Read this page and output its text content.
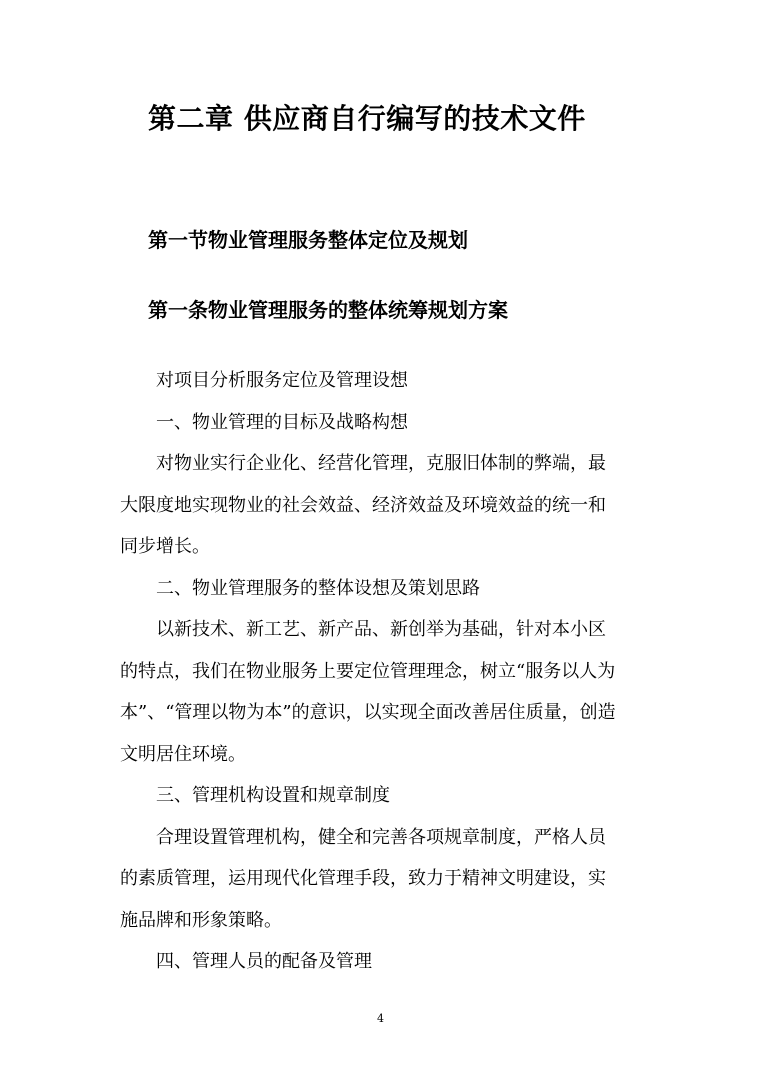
第二章 供应商自行编写的技术文件
第一节物业管理服务整体定位及规划
第一条物业管理服务的整体统筹规划方案
对项目分析服务定位及管理设想
一、物业管理的目标及战略构想
对物业实行企业化、经营化管理，克服旧体制的弊端，最
大限度地实现物业的社会效益、经济效益及环境效益的统一和
同步增长。
二、物业管理服务的整体设想及策划思路
以新技术、新工艺、新产品、新创举为基础，针对本小区
的特点，我们在物业服务上要定位管理理念，树立“服务以人为
本”、“管理以物为本”的意识，以实现全面改善居住质量，创造
文明居住环境。
三、管理机构设置和规章制度
合理设置管理机构，健全和完善各项规章制度，严格人员
的素质管理，运用现代化管理手段，致力于精神文明建设，实
施品牌和形象策略。
四、管理人员的配备及管理
4
